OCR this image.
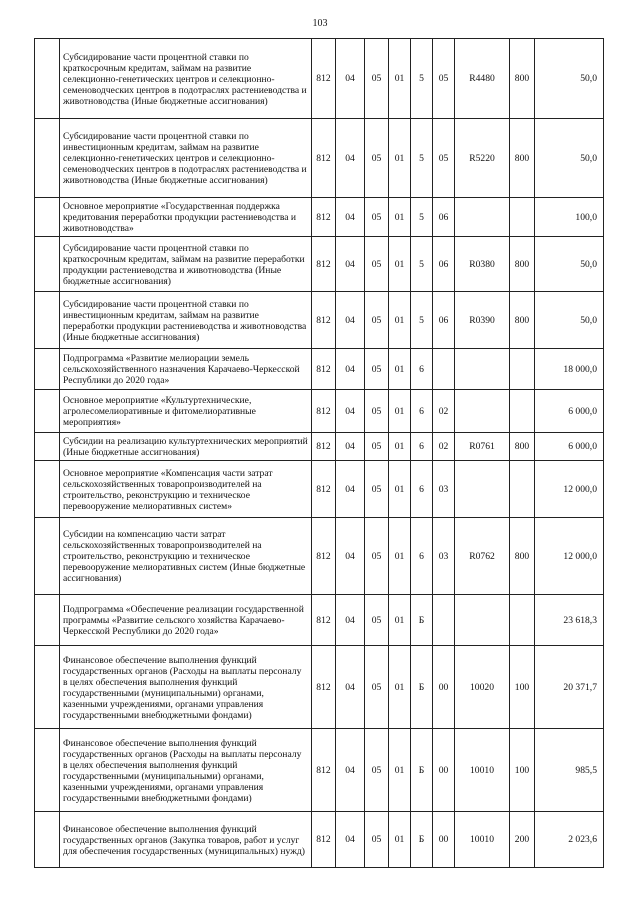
103
	Субсидирование части процентной ставки по краткосрочным кредитам, займам на развитие селекционно-генетических центров и селекционно-семеноводческих центров в подотраслях растениеводства и животноводства (Иные бюджетные ассигнования)	812	04	05	01	5	05	R4480	800	50,0
	Субсидирование части процентной ставки по инвестиционным кредитам, займам на развитие селекционно-генетических центров и селекционно-семеноводческих центров в подотраслях растениеводства и животноводства (Иные бюджетные ассигнования)	812	04	05	01	5	05	R5220	800	50,0
	Основное мероприятие «Государственная поддержка кредитования переработки продукции растениеводства и животноводства»	812	04	05	01	5	06			100,0
	Субсидирование части процентной ставки по краткосрочным кредитам, займам на развитие переработки продукции растениеводства и животноводства (Иные бюджетные ассигнования)	812	04	05	01	5	06	R0380	800	50,0
	Субсидирование части процентной ставки по инвестиционным кредитам, займам на развитие переработки продукции растениеводства и животноводства (Иные бюджетные ассигнования)	812	04	05	01	5	06	R0390	800	50,0
	Подпрограмма «Развитие мелиорации земель сельскохозяйственного назначения Карачаево-Черкесской Республики до 2020 года»	812	04	05	01	6				18 000,0
	Основное мероприятие «Культуртехнические, агролесомелиоративные и фитомелиоративные мероприятия»	812	04	05	01	6	02			6 000,0
	Субсидии на реализацию культуртехнических мероприятий (Иные бюджетные ассигнования)	812	04	05	01	6	02	R0761	800	6 000,0
	Основное мероприятие «Компенсация части затрат сельскохозяйственных товаропроизводителей на строительство, реконструкцию и техническое перевооружение мелиоративных систем»	812	04	05	01	6	03			12 000,0
	Субсидии на компенсацию части затрат сельскохозяйственных товаропроизводителей на строительство, реконструкцию и техническое перевооружение мелиоративных систем (Иные бюджетные ассигнования)	812	04	05	01	6	03	R0762	800	12 000,0
	Подпрограмма «Обеспечение реализации государственной программы «Развитие сельского хозяйства Карачаево-Черкесской Республики до 2020 года»	812	04	05	01	Б				23 618,3
	Финансовое обеспечение выполнения функций государственных органов (Расходы на выплаты персоналу в целях обеспечения выполнения функций государственными (муниципальными) органами, казенными учреждениями, органами управления государственными внебюджетными фондами)	812	04	05	01	Б	00	10020	100	20 371,7
	Финансовое обеспечение выполнения функций государственных органов (Расходы на выплаты персоналу в целях обеспечения выполнения функций государственными (муниципальными) органами, казенными учреждениями, органами управления государственными внебюджетными фондами)	812	04	05	01	Б	00	10010	100	985,5
	Финансовое обеспечение выполнения функций государственных органов (Закупка товаров, работ и услуг для обеспечения государственных (муниципальных) нужд)	812	04	05	01	Б	00	10010	200	2 023,6
